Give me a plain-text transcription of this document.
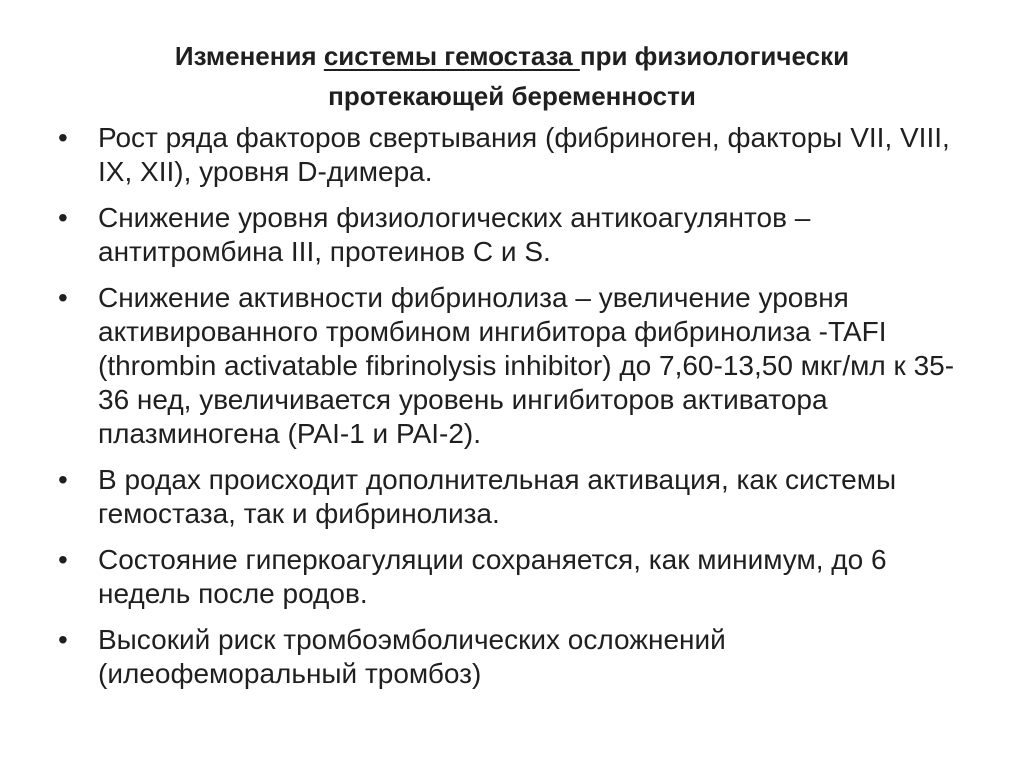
Изменения системы гемостаза при физиологически
протекающей беременности
•	Рост ряда факторов свертывания (фибриноген, факторы VII, VIII, IX, XII), уровня D-димера.
•	Снижение уровня физиологических антикоагулянтов – антитромбина III, протеинов С и S.
•	Снижение активности фибринолиза – увеличение уровня активированного тромбином ингибитора фибринолиза -TAFI (thrombin activatable fibrinolysis inhibitor) до 7,60-13,50 мкг/мл к 35-36 нед, увеличивается уровень ингибиторов активатора плазминогена (PAI-1 и PAI-2).
•	В родах происходит дополнительная активация, как системы гемостаза, так и фибринолиза.
•	Состояние гиперкоагуляции сохраняется, как минимум, до 6 недель после родов.
•	Высокий риск тромбоэмболических осложнений (илеофеморальный тромбоз)
